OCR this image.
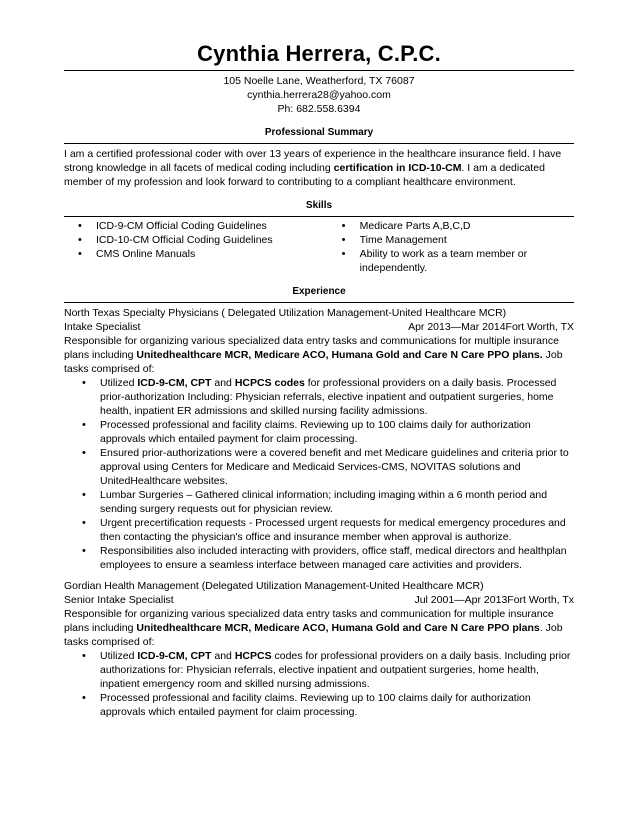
Cynthia Herrera, C.P.C.
105 Noelle Lane, Weatherford, TX 76087
cynthia.herrera28@yahoo.com
Ph: 682.558.6394
Professional Summary
I am a certified professional coder with over 13 years of experience in the healthcare insurance field. I have strong knowledge in all facets of medical coding including certification in ICD-10-CM. I am a dedicated member of my profession and look forward to contributing to a compliant healthcare environment.
Skills
• ICD-9-CM Official Coding Guidelines
• ICD-10-CM Official Coding Guidelines
• CMS Online Manuals
• Medicare Parts A,B,C,D
• Time Management
• Ability to work as a team member or independently.
Experience
North Texas Specialty Physicians ( Delegated Utilization Management-United Healthcare MCR)
Intake Specialist	Apr 2013—Mar 2014Fort Worth, TX
Responsible for organizing various specialized data entry tasks and communications for multiple insurance plans including Unitedhealthcare MCR, Medicare ACO, Humana Gold and Care N Care PPO plans. Job tasks comprised of:
• Utilized ICD-9-CM, CPT and HCPCS codes for professional providers on a daily basis. Processed prior-authorization Including: Physician referrals, elective inpatient and outpatient surgeries, home health, inpatient ER admissions and skilled nursing facility admissions.
• Processed professional and facility claims. Reviewing up to 100 claims daily for authorization approvals which entailed payment for claim processing.
• Ensured prior-authorizations were a covered benefit and met Medicare guidelines and criteria prior to approval using Centers for Medicare and Medicaid Services-CMS, NOVITAS solutions and UnitedHealthcare websites.
• Lumbar Surgeries – Gathered clinical information; including imaging within a 6 month period and sending surgery requests out for physician review.
• Urgent precertification requests - Processed urgent requests for medical emergency procedures and then contacting the physician's office and insurance member when approval is authorize.
• Responsibilities also included interacting with providers, office staff, medical directors and healthplan employees to ensure a seamless interface between managed care activities and providers.
Gordian Health Management (Delegated Utilization Management-United Healthcare MCR)
Senior Intake Specialist	Jul 2001—Apr 2013Fort Worth, Tx
Responsible for organizing various specialized data entry tasks and communication for multiple insurance plans including Unitedhealthcare MCR, Medicare ACO, Humana Gold and Care N Care PPO plans. Job tasks comprised of:
• Utilized ICD-9-CM, CPT and HCPCS codes for professional providers on a daily basis. Including prior authorizations for: Physician referrals, elective inpatient and outpatient surgeries, home health, inpatient emergency room and skilled nursing admissions.
• Processed professional and facility claims. Reviewing up to 100 claims daily for authorization approvals which entailed payment for claim processing.
